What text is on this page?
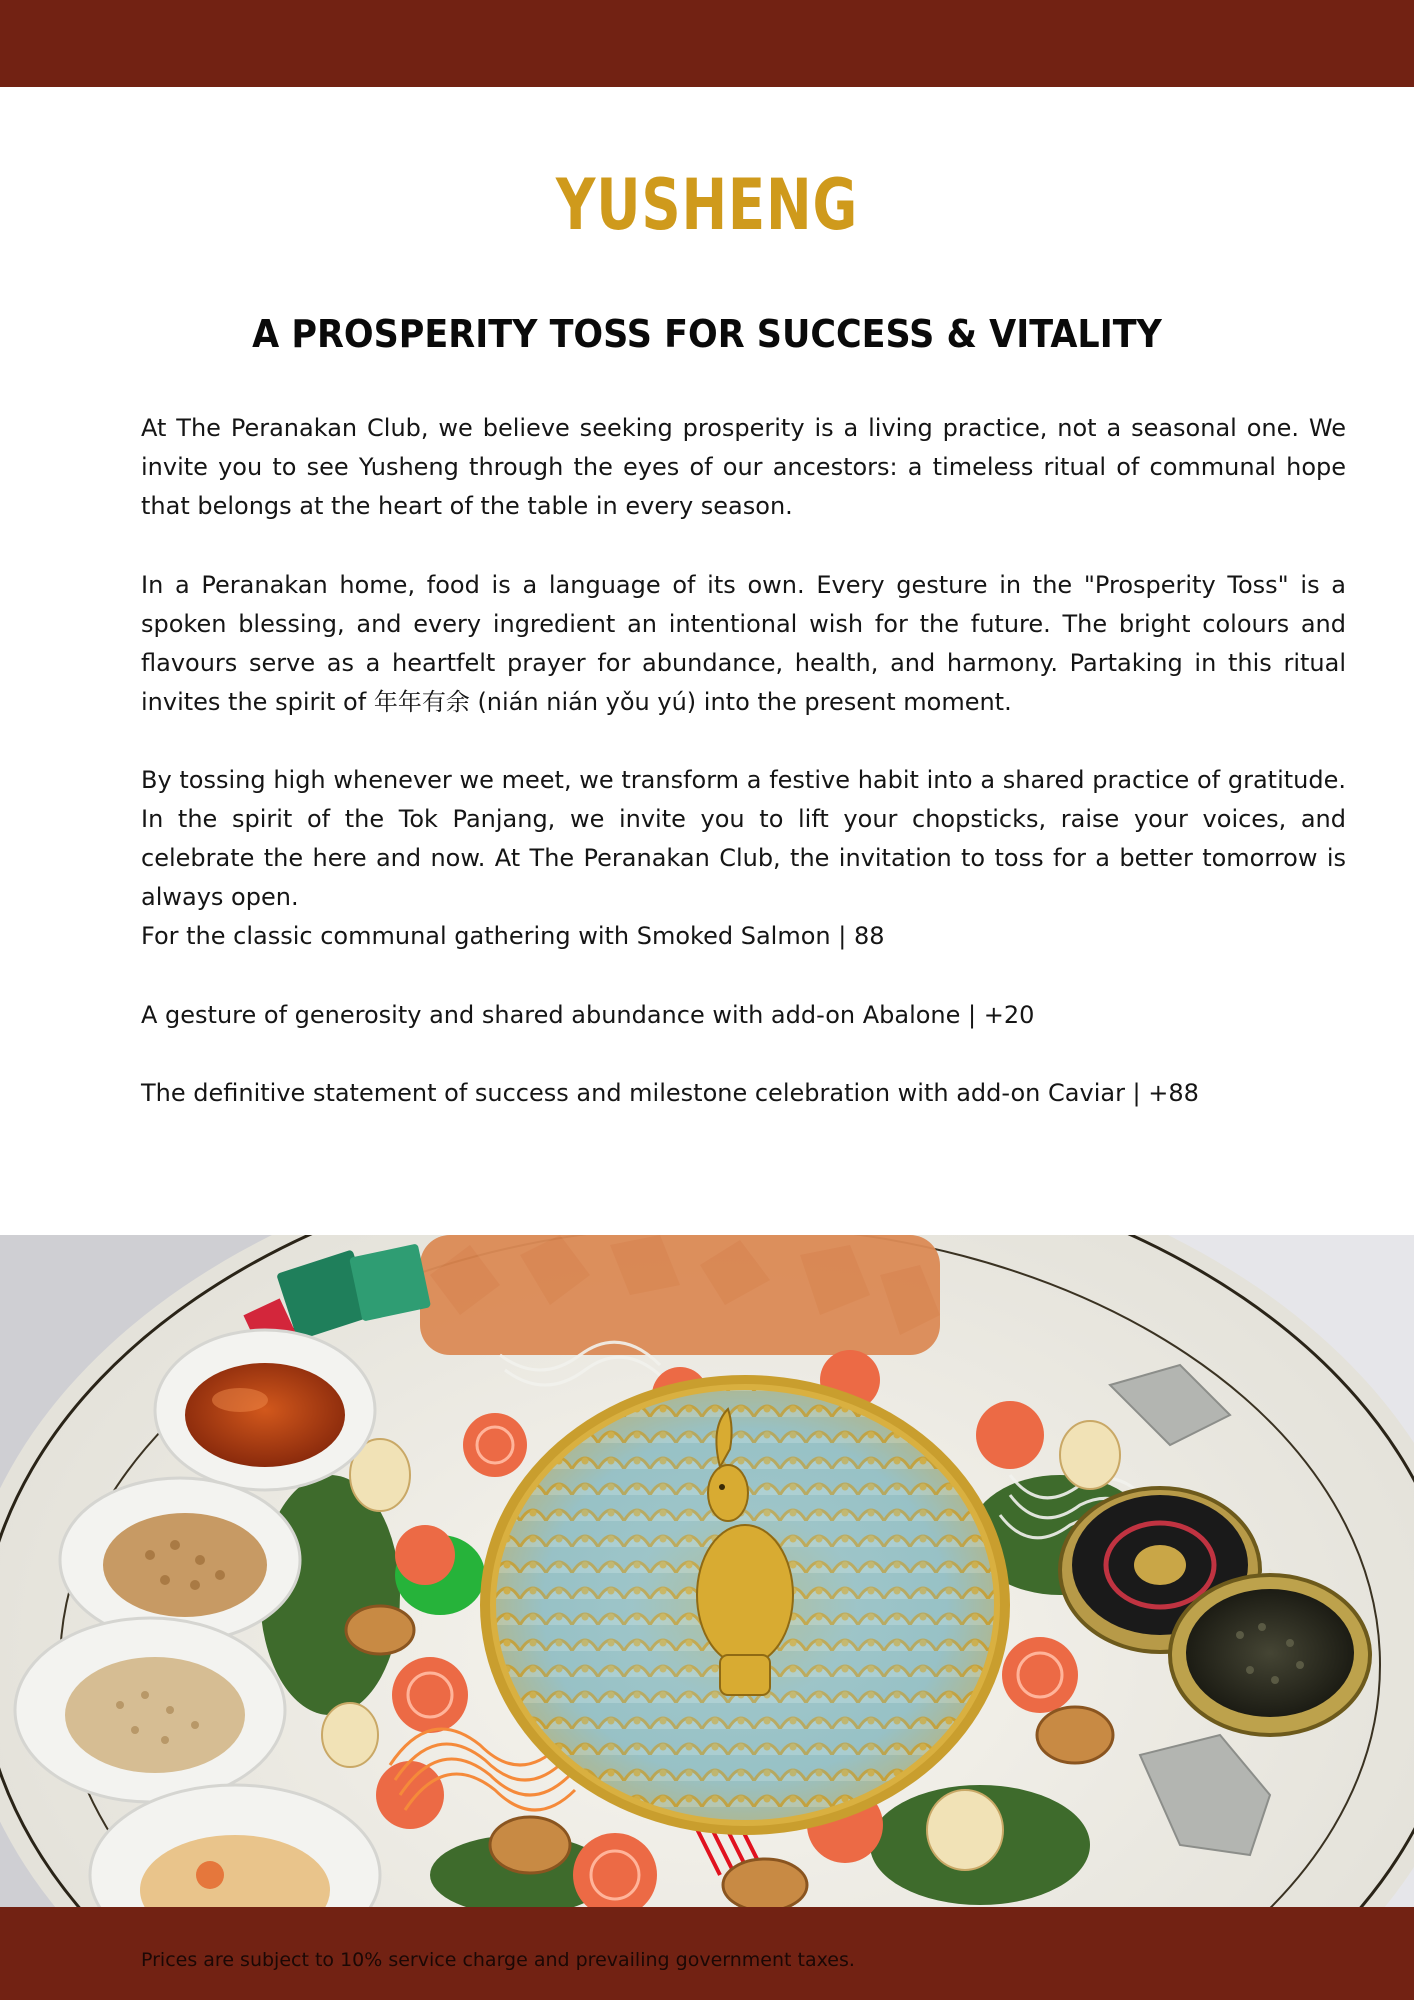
YUSHENG
A PROSPERITY TOSS FOR SUCCESS & VITALITY

At The Peranakan Club, we believe seeking prosperity is a living practice, not a seasonal one. We invite you to see Yusheng through the eyes of our ancestors: a timeless ritual of communal hope that belongs at the heart of the table in every season.

In a Peranakan home, food is a language of its own. Every gesture in the "Prosperity Toss" is a spoken blessing, and every ingredient an intentional wish for the future. The bright colours and flavours serve as a heartfelt prayer for abundance, health, and harmony. Partaking in this ritual invites the spirit of 年年有余 (nián nián yǒu yú) into the present moment.

By tossing high whenever we meet, we transform a festive habit into a shared practice of gratitude. In the spirit of the Tok Panjang, we invite you to lift your chopsticks, raise your voices, and celebrate the here and now. At The Peranakan Club, the invitation to toss for a better tomorrow is always open.

For the classic communal gathering with Smoked Salmon | 88

A gesture of generosity and shared abundance with add-on Abalone | +20

The definitive statement of success and milestone celebration with add-on Caviar | +88

Prices are subject to 10% service charge and prevailing government taxes.
